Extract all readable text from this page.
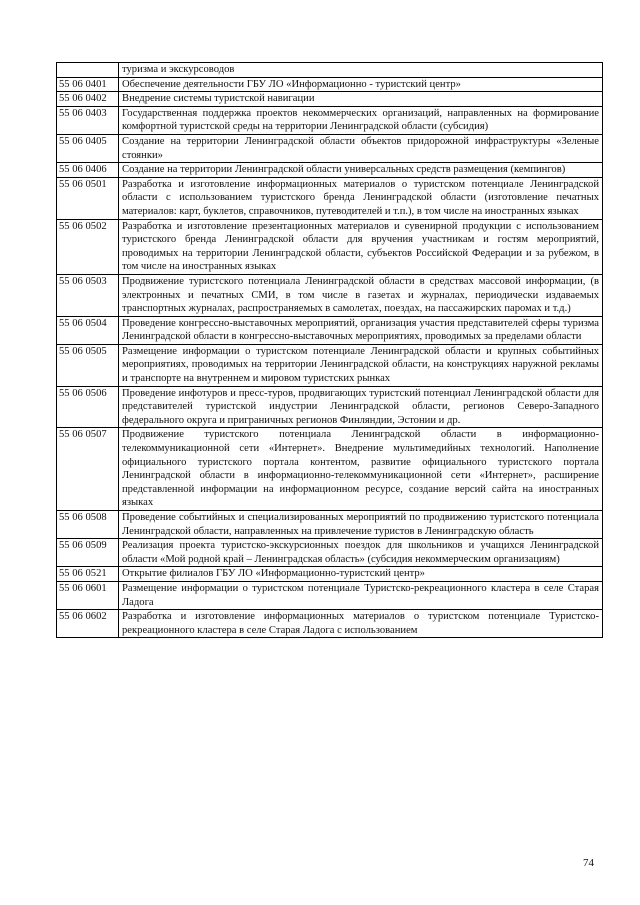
	туризма и экскурсоводов
55 06 0401	Обеспечение деятельности ГБУ ЛО «Информационно - туристский центр»
55 06 0402	Внедрение системы туристской навигации
55 06 0403	Государственная поддержка проектов некоммерческих организаций, направленных на формирование комфортной туристской среды на территории Ленинградской области (субсидия)
55 06 0405	Создание на территории Ленинградской области объектов придорожной инфраструктуры «Зеленые стоянки»
55 06 0406	Создание на территории Ленинградской области универсальных средств размещения (кемпингов)
55 06 0501	Разработка и изготовление информационных материалов о туристском потенциале Ленинградской области с использованием туристского бренда Ленинградской области (изготовление печатных материалов: карт, буклетов, справочников, путеводителей и т.п.), в том числе на иностранных языках
55 06 0502	Разработка и изготовление презентационных материалов и сувенирной продукции с использованием туристского бренда Ленинградской области для вручения участникам и гостям мероприятий, проводимых на территории Ленинградской области, субъектов Российской Федерации и за рубежом, в том числе на иностранных языках
55 06 0503	Продвижение туристского потенциала Ленинградской области в средствах массовой информации, (в электронных и печатных СМИ, в том числе в газетах и журналах, периодически издаваемых транспортных журналах, распространяемых в самолетах, поездах, на пассажирских паромах и т.д.)
55 06 0504	Проведение конгрессно-выставочных мероприятий, организация участия представителей сферы туризма Ленинградской области в конгрессно-выставочных мероприятиях, проводимых за пределами области
55 06 0505	Размещение информации о туристском потенциале Ленинградской области и крупных событийных мероприятиях, проводимых на территории Ленинградской области, на конструкциях наружной рекламы и транспорте на внутреннем и мировом туристских рынках
55 06 0506	Проведение инфотуров и пресс-туров, продвигающих туристский потенциал Ленинградской области для представителей туристской индустрии Ленинградской области, регионов Северо-Западного федерального округа и приграничных регионов Финляндии, Эстонии и др.
55 06 0507	Продвижение туристского потенциала Ленинградской области в информационно-телекоммуникационной сети «Интернет». Внедрение мультимедийных технологий. Наполнение официального туристского портала контентом, развитие официального туристского портала Ленинградской области в информационно-телекоммуникационной сети «Интернет», расширение представленной информации на информационном ресурсе, создание версий сайта на иностранных языках
55 06 0508	Проведение событийных и специализированных мероприятий по продвижению туристского потенциала Ленинградской области, направленных на привлечение туристов в Ленинградскую область
55 06 0509	Реализация проекта туристско-экскурсионных поездок для школьников и учащихся Ленинградской области «Мой родной край – Ленинградская область» (субсидия некоммерческим организациям)
55 06 0521	Открытие филиалов ГБУ ЛО «Информационно-туристский центр»
55 06 0601	Размещение информации о туристском потенциале Туристско-рекреационного кластера в селе Старая Ладога
55 06 0602	Разработка и изготовление информационных материалов о туристском потенциале Туристско-рекреационного кластера в селе Старая Ладога с использованием
74
